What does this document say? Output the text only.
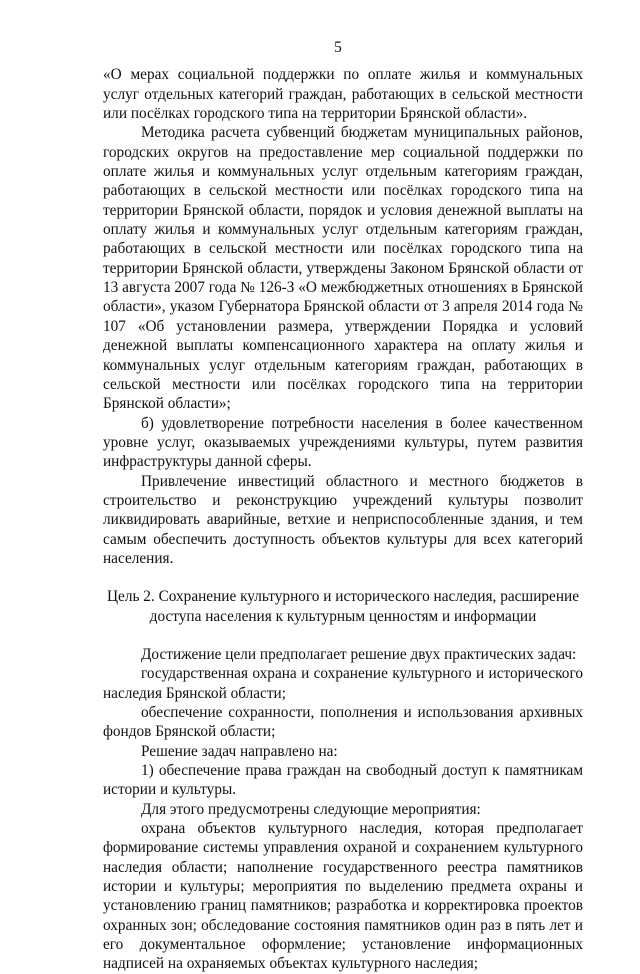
5

«О мерах социальной поддержки по оплате жилья и коммунальных услуг отдельных категорий граждан, работающих в сельской местности или посёлках городского типа на территории Брянской области».

Методика расчета субвенций бюджетам муниципальных районов, городских округов на предоставление мер социальной поддержки по оплате жилья и коммунальных услуг отдельным категориям граждан, работающих в сельской местности или посёлках городского типа на территории Брянской области, порядок и условия денежной выплаты на оплату жилья и коммунальных услуг отдельным категориям граждан, работающих в сельской местности или посёлках городского типа на территории Брянской области, утверждены Законом Брянской области от 13 августа 2007 года № 126-З «О межбюджетных отношениях в Брянской области», указом Губернатора Брянской области от 3 апреля 2014 года № 107 «Об установлении размера, утверждении Порядка и условий денежной выплаты компенсационного характера на оплату жилья и коммунальных услуг отдельным категориям граждан, работающих в сельской местности или посёлках городского типа на территории Брянской области»;

б) удовлетворение потребности населения в более качественном уровне услуг, оказываемых учреждениями культуры, путем развития инфраструктуры данной сферы.

Привлечение инвестиций областного и местного бюджетов в строительство и реконструкцию учреждений культуры позволит ликвидировать аварийные, ветхие и неприспособленные здания, и тем самым обеспечить доступность объектов культуры для всех категорий населения.

Цель 2. Сохранение культурного и исторического наследия, расширение
доступа населения к культурным ценностям и информации

Достижение цели предполагает решение двух практических задач:

государственная охрана и сохранение культурного и исторического наследия Брянской области;

обеспечение сохранности, пополнения и использования архивных фондов Брянской области;

Решение задач направлено на:

1) обеспечение права граждан на свободный доступ к памятникам истории и культуры.

Для этого предусмотрены следующие мероприятия:

охрана объектов культурного наследия, которая предполагает формирование системы управления охраной и сохранением культурного наследия области; наполнение государственного реестра памятников истории и культуры; мероприятия по выделению предмета охраны и установлению границ памятников; разработка и корректировка проектов охранных зон; обследование состояния памятников один раз в пять лет и его документальное оформление; установление информационных надписей на охраняемых объектах культурного наследия;
